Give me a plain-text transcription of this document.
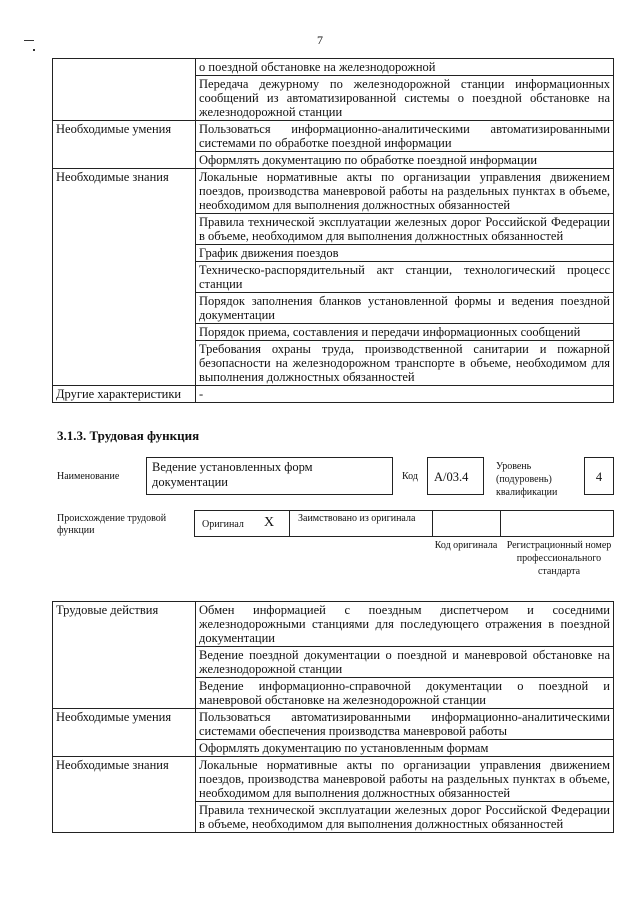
7
	о поездной обстановке на железнодорожной
	Передача дежурному по железнодорожной станции информационных сообщений из автоматизированной системы о поездной обстановке на железнодорожной станции
Необходимые умения	Пользоваться информационно-аналитическими автоматизированными системами по обработке поездной информации
	Оформлять документацию по обработке поездной информации
Необходимые знания	Локальные нормативные акты по организации управления движением поездов, производства маневровой работы на раздельных пунктах в объеме, необходимом для выполнения должностных обязанностей
	Правила технической эксплуатации железных дорог Российской Федерации в объеме, необходимом для выполнения должностных обязанностей
	График движения поездов
	Техническо-распорядительный акт станции, технологический процесс станции
	Порядок заполнения бланков установленной формы и ведения поездной документации
	Порядок приема, составления и передачи информационных сообщений
	Требования охраны труда, производственной санитарии и пожарной безопасности на железнодорожном транспорте в объеме, необходимом для выполнения должностных обязанностей
Другие характеристики	-
3.1.3. Трудовая функция
Наименование
Ведение установленных форм документации	Код	А/03.4
Уровень (подуровень) квалификации
4
Происхождение трудовой функции
Оригинал X Заимствовано из оригинала
Код оригинала Регистрационный номер профессионального стандарта
Трудовые действия	Обмен информацией с поездным диспетчером и соседними железнодорожными станциями для последующего отражения в поездной документации
	Ведение поездной документации о поездной и маневровой обстановке на железнодорожной станции
	Ведение информационно-справочной документации о поездной и маневровой обстановке на железнодорожной станции
Необходимые умения	Пользоваться автоматизированными информационно-аналитическими системами обеспечения производства маневровой работы
	Оформлять документацию по установленным формам
Необходимые знания	Локальные нормативные акты по организации управления движением поездов, производства маневровой работы на раздельных пунктах в объеме, необходимом для выполнения должностных обязанностей
	Правила технической эксплуатации железных дорог Российской Федерации в объеме, необходимом для выполнения должностных обязанностей
